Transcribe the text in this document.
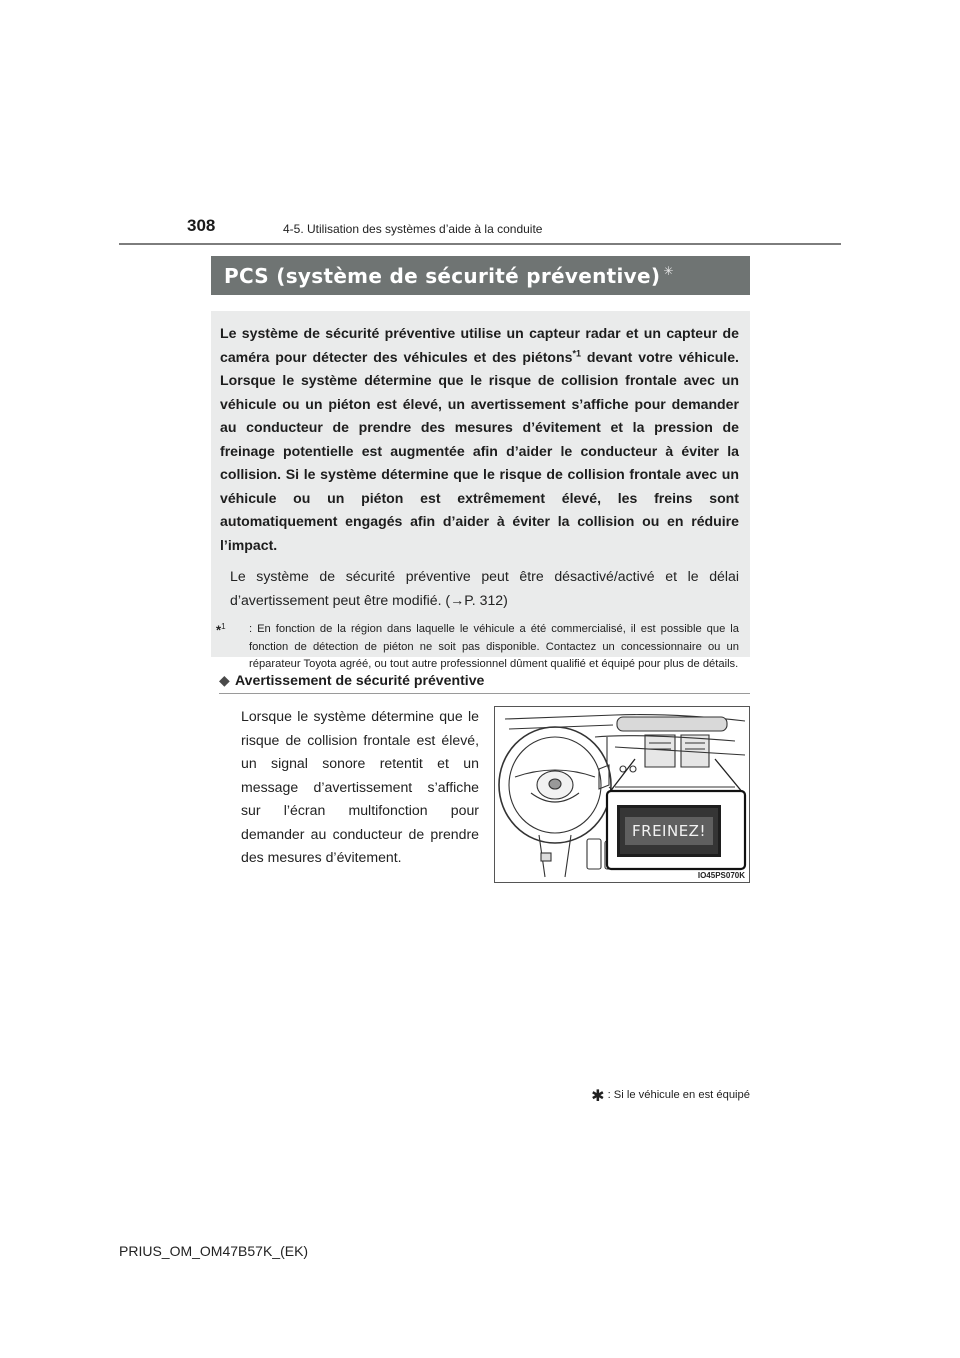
308	4-5. Utilisation des systèmes d’aide à la conduite
PCS (système de sécurité préventive) ✳

Le système de sécurité préventive utilise un capteur radar et un capteur de caméra pour détecter des véhicules et des piétons$^{*1}$ devant votre véhicule. Lorsque le système détermine que le risque de collision frontale avec un véhicule ou un piéton est élevé, un avertissement s’affiche pour demander au conducteur de prendre des mesures d’évitement et la pression de freinage potentielle est augmentée afin d’aider le conducteur à éviter la collision. Si le système détermine que le risque de collision frontale avec un véhicule ou un piéton est extrêmement élevé, les freins sont automatiquement engagés afin d’aider à éviter la collision ou en réduire l’impact.

Le système de sécurité préventive peut être désactivé/activé et le délai d’avertissement peut être modifié. (→P. 312)

*$^1$ : En fonction de la région dans laquelle le véhicule a été commercialisé, il est possible que la fonction de détection de piéton ne soit pas disponible. Contactez un concessionnaire ou un réparateur Toyota agréé, ou tout autre professionnel dûment qualifié et équipé pour plus de détails.
◆ Avertissement de sécurité préventive

Lorsque le système détermine que le risque de collision frontale est élevé, un signal sonore retentit et un message d’avertissement s’affiche sur l’écran multifonction pour demander au conducteur de prendre des mesures d’évitement.

FREINEZ!
IO45PS070K
✱ : Si le véhicule en est équipé
PRIUS_OM_OM47B57K_(EK)
